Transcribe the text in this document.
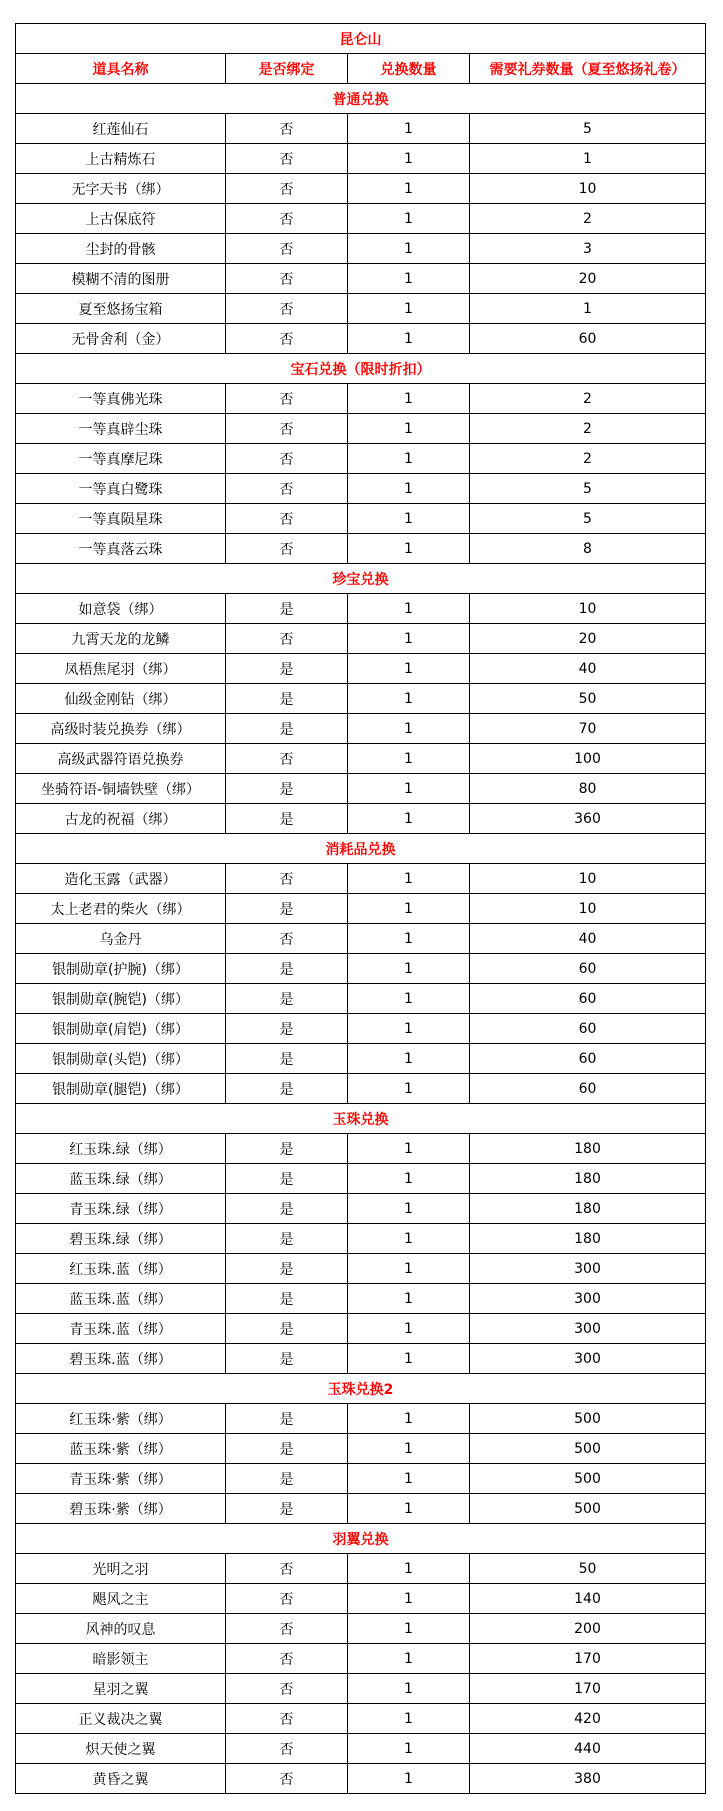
昆仑山			
道具名称	是否绑定	兑换数量	需要礼券数量（夏至悠扬礼卷）
普通兑换			
红莲仙石	否	1	5
上古精炼石	否	1	1
无字天书（绑）	否	1	10
上古保底符	否	1	2
尘封的骨骸	否	1	3
模糊不清的图册	否	1	20
夏至悠扬宝箱	否	1	1
无骨舍利（金）	否	1	60
宝石兑换（限时折扣）			
一等真佛光珠	否	1	2
一等真辟尘珠	否	1	2
一等真摩尼珠	否	1	2
一等真白鹭珠	否	1	5
一等真陨星珠	否	1	5
一等真落云珠	否	1	8
珍宝兑换			
如意袋（绑）	是	1	10
九霄天龙的龙鳞	否	1	20
凤梧焦尾羽（绑）	是	1	40
仙级金刚钻（绑）	是	1	50
高级时装兑换券（绑）	是	1	70
高级武器符语兑换券	否	1	100
坐骑符语-铜墙铁壁（绑）	是	1	80
古龙的祝福（绑）	是	1	360
消耗品兑换			
造化玉露（武器）	否	1	10
太上老君的柴火（绑）	是	1	10
乌金丹	否	1	40
银制勋章(护腕)（绑）	是	1	60
银制勋章(腕铠)（绑）	是	1	60
银制勋章(肩铠)（绑）	是	1	60
银制勋章(头铠)（绑）	是	1	60
银制勋章(腿铠)（绑）	是	1	60
玉珠兑换			
红玉珠.绿（绑）	是	1	180
蓝玉珠.绿（绑）	是	1	180
青玉珠.绿（绑）	是	1	180
碧玉珠.绿（绑）	是	1	180
红玉珠.蓝（绑）	是	1	300
蓝玉珠.蓝（绑）	是	1	300
青玉珠.蓝（绑）	是	1	300
碧玉珠.蓝（绑）	是	1	300
玉珠兑换2			
红玉珠·紫（绑）	是	1	500
蓝玉珠·紫（绑）	是	1	500
青玉珠·紫（绑）	是	1	500
碧玉珠·紫（绑）	是	1	500
羽翼兑换			
光明之羽	否	1	50
飓风之主	否	1	140
风神的叹息	否	1	200
暗影领主	否	1	170
星羽之翼	否	1	170
正义裁决之翼	否	1	420
炽天使之翼	否	1	440
黄昏之翼	否	1	380
